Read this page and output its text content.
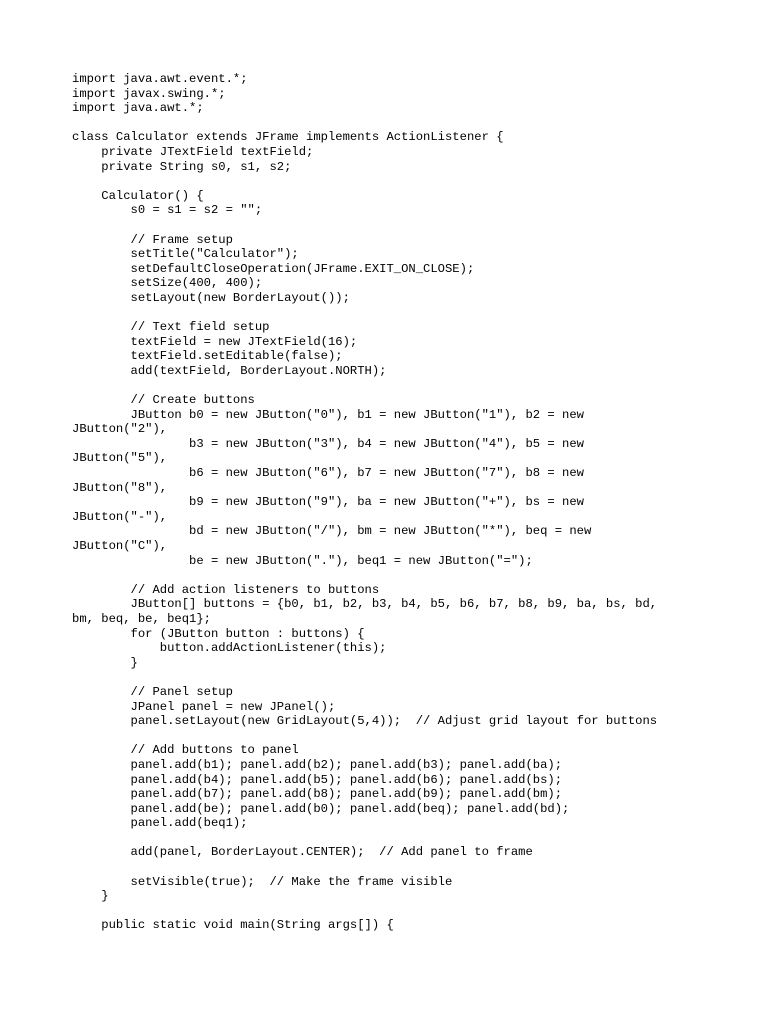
import java.awt.event.*;
import javax.swing.*;
import java.awt.*;
class Calculator extends JFrame implements ActionListener {
private JTextField textField;
private String s0, s1, s2;
Calculator() {
s0 = s1 = s2 = "";
// Frame setup
setTitle("Calculator");
setDefaultCloseOperation(JFrame.EXIT_ON_CLOSE);
setSize(400, 400);
setLayout(new BorderLayout());
// Text field setup
textField = new JTextField(16);
textField.setEditable(false);
add(textField, BorderLayout.NORTH);
// Create buttons
JButton b0 = new JButton("0"), b1 = new JButton("1"), b2 = new
JButton("2"),
b3 = new JButton("3"), b4 = new JButton("4"), b5 = new
JButton("5"),
b6 = new JButton("6"), b7 = new JButton("7"), b8 = new
JButton("8"),
b9 = new JButton("9"), ba = new JButton("+"), bs = new
JButton("-"),
bd = new JButton("/"), bm = new JButton("*"), beq = new
JButton("C"),
be = new JButton("."), beq1 = new JButton("=");
// Add action listeners to buttons
JButton[] buttons = {b0, b1, b2, b3, b4, b5, b6, b7, b8, b9, ba, bs, bd,
bm, beq, be, beq1};
for (JButton button : buttons) {
button.addActionListener(this);
}
// Panel setup
JPanel panel = new JPanel();
panel.setLayout(new GridLayout(5,4));  // Adjust grid layout for buttons
// Add buttons to panel
panel.add(b1); panel.add(b2); panel.add(b3); panel.add(ba);
panel.add(b4); panel.add(b5); panel.add(b6); panel.add(bs);
panel.add(b7); panel.add(b8); panel.add(b9); panel.add(bm);
panel.add(be); panel.add(b0); panel.add(beq); panel.add(bd);
panel.add(beq1);
add(panel, BorderLayout.CENTER);  // Add panel to frame
setVisible(true);  // Make the frame visible
}
public static void main(String args[]) {
